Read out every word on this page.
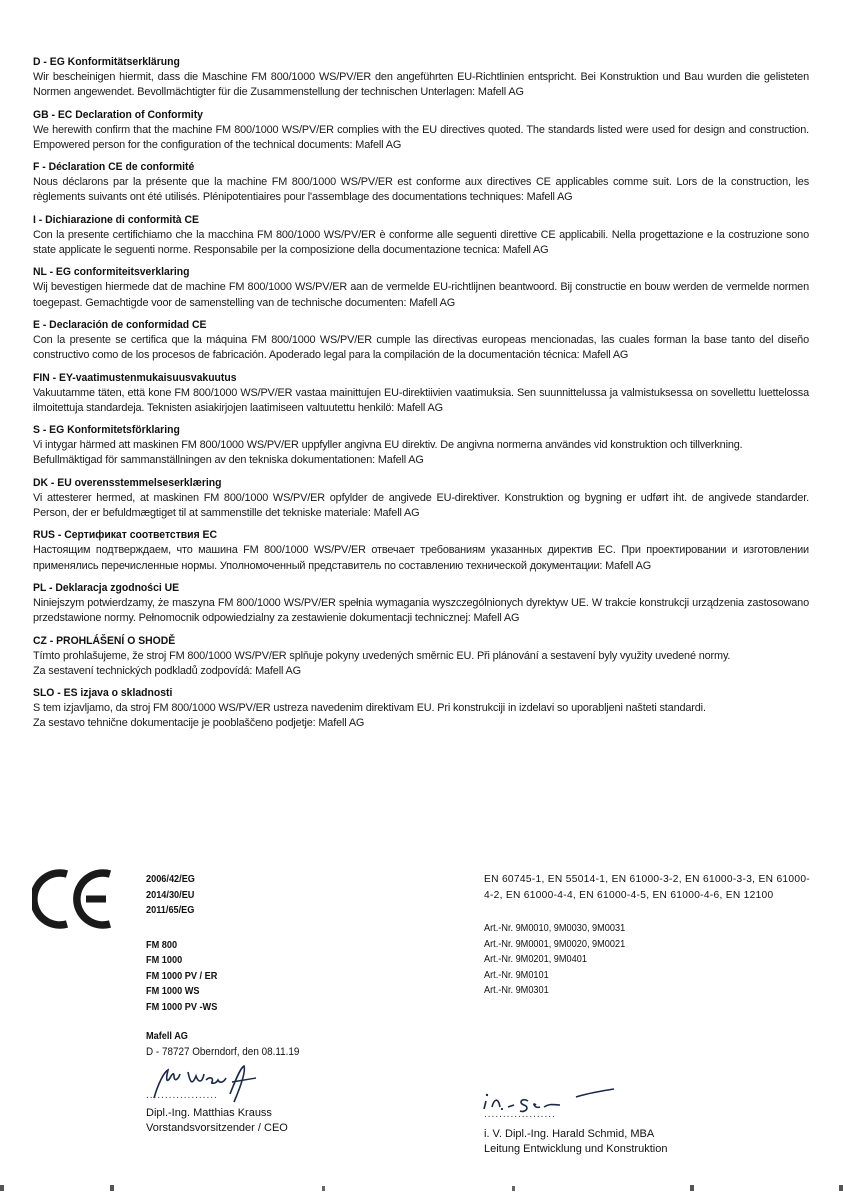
D - EG Konformitätserklärung

Wir bescheinigen hiermit, dass die Maschine FM 800/1000 WS/PV/ER den angeführten EU-Richtlinien entspricht. Bei Konstruktion und Bau wurden die gelisteten Normen angewendet. Bevollmächtigter für die Zusammenstellung der technischen Unterlagen: Mafell AG

GB - EC Declaration of Conformity

We herewith confirm that the machine FM 800/1000 WS/PV/ER complies with the EU directives quoted. The standards listed were used for design and construction. Empowered person for the configuration of the technical documents: Mafell AG

F - Déclaration CE de conformité

Nous déclarons par la présente que la machine FM 800/1000 WS/PV/ER est conforme aux directives CE applicables comme suit. Lors de la construction, les règlements suivants ont été utilisés. Plénipotentiaires pour l'assemblage des documentations techniques: Mafell AG

I - Dichiarazione di conformità CE

Con la presente certifichiamo che la macchina FM 800/1000 WS/PV/ER è conforme alle seguenti direttive CE applicabili. Nella progettazione e la costruzione sono state applicate le seguenti norme. Responsabile per la composizione della documentazione tecnica: Mafell AG

NL - EG conformiteitsverklaring

Wij bevestigen hiermede dat de machine FM 800/1000 WS/PV/ER aan de vermelde EU-richtlijnen beantwoord. Bij constructie en bouw werden de vermelde normen toegepast. Gemachtigde voor de samenstelling van de technische documenten: Mafell AG

E - Declaración de conformidad CE

Con la presente se certifica que la máquina FM 800/1000 WS/PV/ER cumple las directivas europeas mencionadas, las cuales forman la base tanto del diseño constructivo como de los procesos de fabricación. Apoderado legal para la compilación de la documentación técnica: Mafell AG

FIN - EY-vaatimustenmukaisuusvakuutus

Vakuutamme täten, että kone FM 800/1000 WS/PV/ER vastaa mainittujen EU-direktiivien vaatimuksia. Sen suunnittelussa ja valmistuksessa on sovellettu luettelossa ilmoitettuja standardeja. Teknisten asiakirjojen laatimiseen valtuutettu henkilö: Mafell AG

S - EG Konformitetsförklaring

Vi intygar härmed att maskinen FM 800/1000 WS/PV/ER uppfyller angivna EU direktiv. De angivna normerna användes vid konstruktion och tillverkning.

Befullmäktigad för sammanställningen av den tekniska dokumentationen: Mafell AG

DK - EU overensstemmelseserklæring

Vi attesterer hermed, at maskinen FM 800/1000 WS/PV/ER opfylder de angivede EU-direktiver. Konstruktion og bygning er udført iht. de angivede standarder. Person, der er befuldmægtiget til at sammenstille det tekniske materiale: Mafell AG

RUS - Сертификат соответствия EC

Настоящим подтверждаем, что машина FM 800/1000 WS/PV/ER отвечает требованиям указанных директив EC. При проектировании и изготовлении применялись перечисленные нормы. Уполномоченный представитель по составлению технической документации: Mafell AG

PL - Deklaracja zgodności UE

Niniejszym potwierdzamy, że maszyna FM 800/1000 WS/PV/ER spełnia wymagania wyszczególnionych dyrektyw UE. W trakcie konstrukcji urządzenia zastosowano przedstawione normy. Pełnomocnik odpowiedzialny za zestawienie dokumentacji technicznej: Mafell AG

CZ - PROHLÁŠENÍ O SHODĚ

Tímto prohlašujeme, že stroj FM 800/1000 WS/PV/ER splňuje pokyny uvedených směrnic EU. Při plánování a sestavení byly využity uvedené normy.

Za sestavení technických podkladů zodpovídá: Mafell AG

SLO - ES izjava o skladnosti

S tem izjavljamo, da stroj FM 800/1000 WS/PV/ER ustreza navedenim direktivam EU. Pri konstrukciji in izdelavi so uporabljeni našteti standardi.

Za sestavo tehnične dokumentacije je pooblaščeno podjetje: Mafell AG

2006/42/EG
2014/30/EU
2011/65/EG
FM 800
FM 1000
FM 1000 PV / ER
FM 1000 WS
FM 1000 PV -WS
Mafell AG
D - 78727 Oberndorf, den 08.11.19
...................
Dipl.-Ing. Matthias Krauss
Vorstandsvorsitzender / CEO
EN 60745-1, EN 55014-1, EN 61000-3-2, EN 61000-3-3, EN 61000-4-2, EN 61000-4-4, EN 61000-4-5, EN 61000-4-6, EN 12100
Art.-Nr. 9M0010, 9M0030, 9M0031
Art.-Nr. 9M0001, 9M0020, 9M0021
Art.-Nr. 9M0201, 9M0401
Art.-Nr. 9M0101
Art.-Nr. 9M0301
...................
i. V. Dipl.-Ing. Harald Schmid, MBA
Leitung Entwicklung und Konstruktion
